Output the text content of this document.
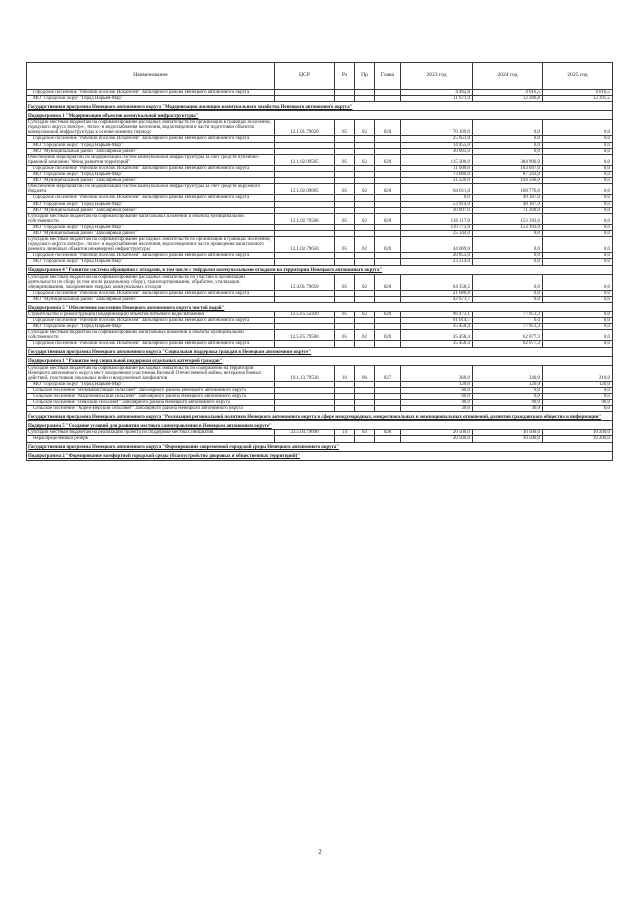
Наименование	ЦСР	Рз	Пр	Глава	2023 год	2024 год	2025 год
Городское поселение "Рабочий поселок Искателей" Заполярного района Ненецкого автономного округа					4 462,8	4 016,5	4 016,5
МО "Городской округ "Город Нарьян-Мар"					11 671,0	12 286,8	12 395,5
Государственная программа Ненецкого автономного округа "Модернизация жилищно-коммунального хозяйства Ненецкого автономного округа"							
Подпрограмма 1 "Модернизация объектов коммунальной инфраструктуры"							
Субсидии местным бюджетам на софинансирование расходных обязательств по организации в границах поселений, городского округа электро-, тепло- и водоснабжения населения, водоотведения в части подготовки объектов коммунальной инфраструктуры к осенне-зимнему периоду	12.1.01.79620	05	02	020	70 109,0	0,0	0,0
Городское поселение "Рабочий поселок Искателей" Заполярного района Ненецкого автономного округа					25 651,0	0,0	0,0
МО "Городской округ "Город Нарьян-Мар"					14 455,0	0,0	0,0
МО "Муниципальный район "Заполярный район"					30 003,0	0,0	0,0
Обеспечение мероприятий по модернизации систем коммунальной инфраструктуры за счёт средств публично-правовой компании "Фонд развития территорий"	12.1.02.09505	05	02	020	115 300,0	384 900,0	0,0
Городское поселение "Рабочий поселок Искателей" Заполярного района Ненецкого автономного округа					11 000,0	103 097,0	0,0
МО "Городской округ "Город Нарьян-Мар"					73 080,0	87 243,0	0,0
МО "Муниципальный район "Заполярный район"					31 220,0	194 560,0	0,0
Обеспечение мероприятий по модернизации систем коммунальной инфраструктуры за счёт средств окружного бюджета	12.1.02.09605	05	02	020	84 011,0	168 776,0	0,0
Городское поселение "Рабочий поселок Искателей" Заполярного района Ненецкого автономного округа					0,0	49 387,0	0,0
МО "Городской округ "Город Нарьян-Мар"					53 914,0	48 187,0	0,0
МО "Муниципальный район "Заполярный район"					30 097,0	71 200,0	0,0
Субсидии местным бюджетам на софинансирование капитальных вложений в объекты муниципальной собственности	12.1.02.79500	05	02	020	136 117,0	153 193,0	0,0
МО "Городской округ "Город Нарьян-Мар"					110 773,0	153 193,0	0,0
МО "Муниципальный район "Заполярный район"					25 344,0	0,0	0,0
Субсидии местным бюджетам на софинансирование расходных обязательств по организации в границах поселений, городского округа электро-, тепло- и водоснабжения населения, водоотведения в части проведения капитального ремонта линейных объектов инженерной инфраструктуры	12.1.02.79650	05	02	020	44 069,0	0,0	0,0
Городское поселение "Рабочий поселок Искателей" Заполярного района Ненецкого автономного округа					20 855,0	0,0	0,0
МО "Городской округ "Город Нарьян-Мар"					23 214,0	0,0	0,0
Подпрограмма 4 "Развитие системы обращения с отходами, в том числе с твёрдыми коммунальными отходами на территории Ненецкого автономного округа"							
Субсидии местным бюджетам на софинансирование расходных обязательств по участию в организации деятельности по сбору (в том числе раздельному сбору), транспортированию, обработке, утилизации, обезвреживанию, захоронению твердых коммунальных отходов	12.4.01.79650	05	02	020	64 358,5	0,0	0,0
Городское поселение "Рабочий поселок Искателей" Заполярного района Ненецкого автономного округа					21 686,8	0,0	0,0
МО "Муниципальный район "Заполярный район"					42 671,7	0,0	0,0
Подпрограмма 5 "Обеспечение населения Ненецкого автономного округа чистой водой"							
Строительство и реконструкция (модернизация) объектов питьевого водоснабжения	12.5.F5.52430	05	02	020	96 473,1	77 951,3	0,0
Городское поселение "Рабочий поселок Искателей" Заполярного района Ненецкого автономного округа					61 014,7	0,0	0,0
МО "Городской округ "Город Нарьян-Мар"					35 458,4	77 951,3	0,0
Субсидии местным бюджетам на софинансирование капитальных вложений в объекты муниципальной собственности	12.5.F5.79500	05	02	020	35 458,4	62 077,3	0,0
Городское поселение "Рабочий поселок Искателей" Заполярного района Ненецкого автономного округа					35 458,4	62 077,3	0,0
Государственная программа Ненецкого автономного округа "Социальная поддержка граждан в Ненецком автономном округе"							
Подпрограмма 1 "Развитие мер социальной поддержки отдельных категорий граждан"							
Субсидии местным бюджетам на софинансирование расходных обязательств по содержанию на территории Ненецкого автономного округа мест захоронения участников Великой Отечественной войны, ветеранов боевых действий, участников локальных войн и вооруженных конфликтов	19.1.13.79530	10	06	027	360,0	240,0	210,0
МО "Городской округ "Город Нарьян-Мар"					120,0	120,0	120,0
Сельское поселение "Великовисочный сельсовет" Заполярного района Ненецкого автономного округа					60,0	0,0	0,0
Сельское поселение "Малоземельский сельсовет" Заполярного района Ненецкого автономного округа					60,0	0,0	0,0
Сельское поселение "Пешский сельсовет" Заполярного района Ненецкого автономного округа					90,0	90,0	90,0
Сельское поселение "Хорей-Верский сельсовет" Заполярного района Ненецкого автономного округа					30,0	30,0	0,0
Государственная программа Ненецкого автономного округа "Реализация региональной политики Ненецкого автономного округа в сфере международных, межрегиональных и межнациональных отношений, развития гражданского общества и информации"							
Подпрограмма 5 "Создание условий для развития местного самоуправления в Ненецком автономном округе"							
Субсидии местным бюджетам на реализацию проекта по поддержке местных инициатив	23.5.03.79690	14	03	028	20 500,0	10 500,0	10 200,0
Нераспределенный резерв					20 500,0	10 500,0	10 200,0
Государственная программа Ненецкого автономного округа "Формирование современной городской среды Ненецкого автономного округа"							
Подпрограмма 2 "Формирование комфортной городской среды (благоустройство дворовых и общественных территорий)"							
2
